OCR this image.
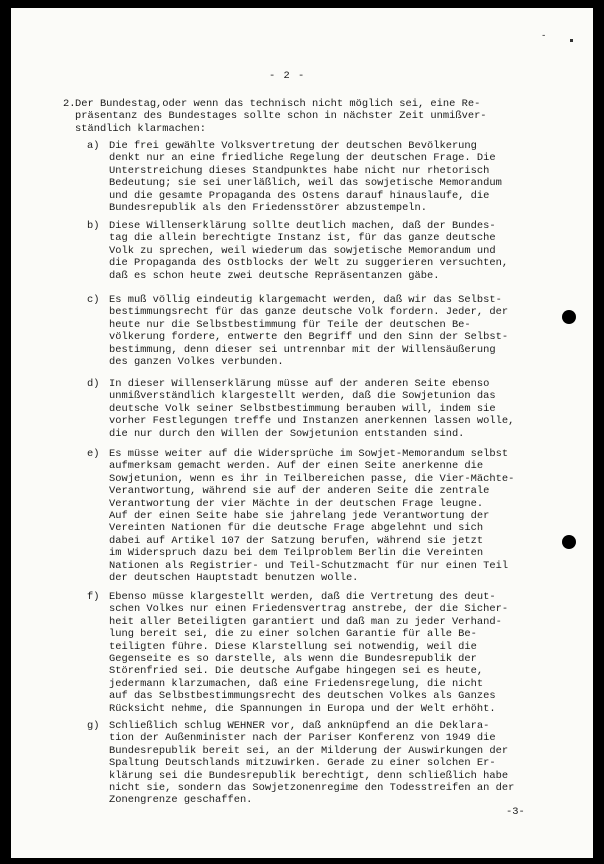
-
- 2 -
2. Der Bundestag,oder wenn das technisch nicht möglich sei, eine Re-
präsentanz des Bundestages sollte schon in nächster Zeit unmißver-
ständlich klarmachen:
a) Die frei gewählte Volksvertretung der deutschen Bevölkerung
denkt nur an eine friedliche Regelung der deutschen Frage. Die
Unterstreichung dieses Standpunktes habe nicht nur rhetorisch
Bedeutung; sie sei unerläßlich, weil das sowjetische Memorandum
und die gesamte Propaganda des Ostens darauf hinauslaufe, die
Bundesrepublik als den Friedensstörer abzustempeln.
b) Diese Willenserklärung sollte deutlich machen, daß der Bundes-
tag die allein berechtigte Instanz ist, für das ganze deutsche
Volk zu sprechen, weil wiederum das sowjetische Memorandum und
die Propaganda des Ostblocks der Welt zu suggerieren versuchten,
daß es schon heute zwei deutsche Repräsentanzen gäbe.
c) Es muß völlig eindeutig klargemacht werden, daß wir das Selbst-
bestimmungsrecht für das ganze deutsche Volk fordern. Jeder, der
heute nur die Selbstbestimmung für Teile der deutschen Be-
völkerung fordere, entwerte den Begriff und den Sinn der Selbst-
bestimmung, denn dieser sei untrennbar mit der Willensäußerung
des ganzen Volkes verbunden.
d) In dieser Willenserklärung müsse auf der anderen Seite ebenso
unmißverständlich klargestellt werden, daß die Sowjetunion das
deutsche Volk seiner Selbstbestimmung berauben will, indem sie
vorher Festlegungen treffe und Instanzen anerkennen lassen wolle,
die nur durch den Willen der Sowjetunion entstanden sind.
e) Es müsse weiter auf die Widersprüche im Sowjet-Memorandum selbst
aufmerksam gemacht werden. Auf der einen Seite anerkenne die
Sowjetunion, wenn es ihr in Teilbereichen passe, die Vier-Mächte-
Verantwortung, während sie auf der anderen Seite die zentrale
Verantwortung der vier Mächte in der deutschen Frage leugne.
Auf der einen Seite habe sie jahrelang jede Verantwortung der
Vereinten Nationen für die deutsche Frage abgelehnt und sich
dabei auf Artikel 107 der Satzung berufen, während sie jetzt
im Widerspruch dazu bei dem Teilproblem Berlin die Vereinten
Nationen als Registrier- und Teil-Schutzmacht für nur einen Teil
der deutschen Hauptstadt benutzen wolle.
f) Ebenso müsse klargestellt werden, daß die Vertretung des deut-
schen Volkes nur einen Friedensvertrag anstrebe, der die Sicher-
heit aller Beteiligten garantiert und daß man zu jeder Verhand-
lung bereit sei, die zu einer solchen Garantie für alle Be-
teiligten führe. Diese Klarstellung sei notwendig, weil die
Gegenseite es so darstelle, als wenn die Bundesrepublik der
Störenfried sei. Die deutsche Aufgabe hingegen sei es heute,
jedermann klarzumachen, daß eine Friedensregelung, die nicht
auf das Selbstbestimmungsrecht des deutschen Volkes als Ganzes
Rücksicht nehme, die Spannungen in Europa und der Welt erhöht.
g) Schließlich schlug WEHNER vor, daß anknüpfend an die Deklara-
tion der Außenminister nach der Pariser Konferenz von 1949 die
Bundesrepublik bereit sei, an der Milderung der Auswirkungen der
Spaltung Deutschlands mitzuwirken. Gerade zu einer solchen Er-
klärung sei die Bundesrepublik berechtigt, denn schließlich habe
nicht sie, sondern das Sowjetzonenregime den Todesstreifen an der
Zonengrenze geschaffen.
-3-
